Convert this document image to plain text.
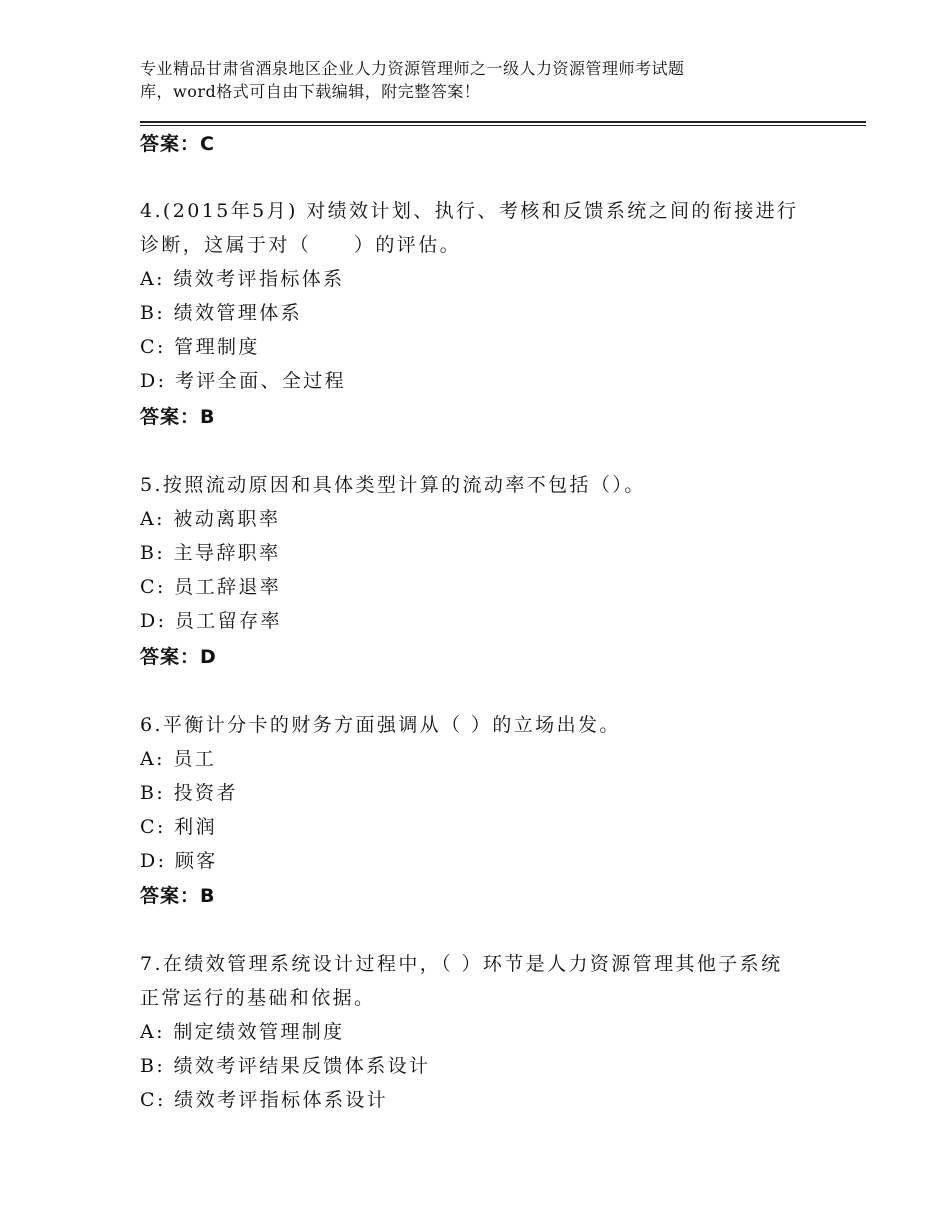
专业精品甘肃省酒泉地区企业人力资源管理师之一级人力资源管理师考试题
库，word格式可自由下载编辑，附完整答案！
答案：C
4.(2015年5月) 对绩效计划、执行、考核和反馈系统之间的衔接进行
诊断，这属于对（　　）的评估。
A: 绩效考评指标体系
B: 绩效管理体系
C: 管理制度
D: 考评全面、全过程
答案：B
5.按照流动原因和具体类型计算的流动率不包括（）。
A: 被动离职率
B: 主导辞职率
C: 员工辞退率
D: 员工留存率
答案：D
6.平衡计分卡的财务方面强调从（ ）的立场出发。
A: 员工
B: 投资者
C: 利润
D: 顾客
答案：B
7.在绩效管理系统设计过程中，（ ）环节是人力资源管理其他子系统
正常运行的基础和依据。
A: 制定绩效管理制度
B: 绩效考评结果反馈体系设计
C: 绩效考评指标体系设计
